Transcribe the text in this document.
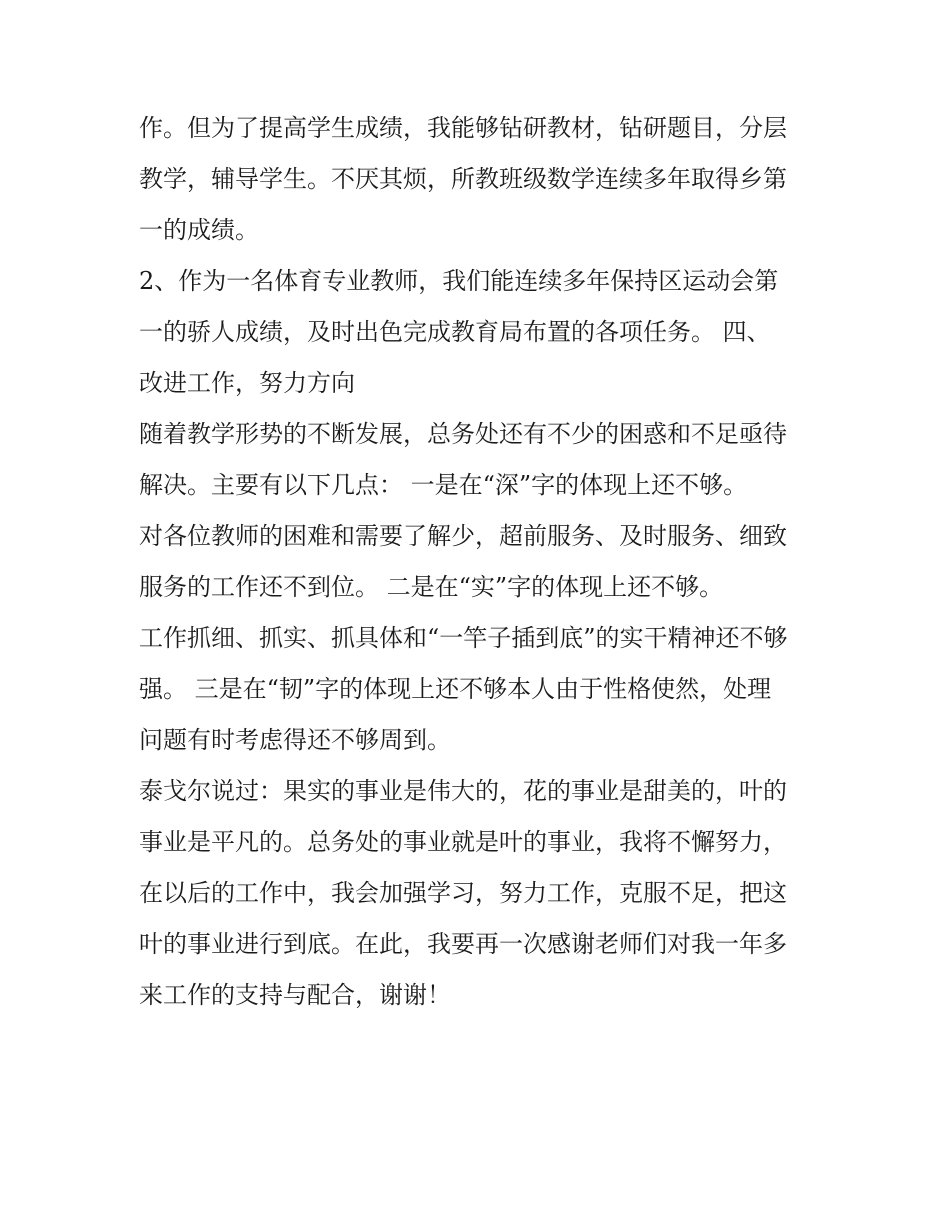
作。但为了提高学生成绩，我能够钻研教材，钻研题目，分层
教学，辅导学生。不厌其烦，所教班级数学连续多年取得乡第
一的成绩。
2、作为一名体育专业教师，我们能连续多年保持区运动会第
一的骄人成绩，及时出色完成教育局布置的各项任务。 四、
改进工作，努力方向
随着教学形势的不断发展，总务处还有不少的困惑和不足亟待
解决。主要有以下几点： 一是在“深”字的体现上还不够。
对各位教师的困难和需要了解少，超前服务、及时服务、细致
服务的工作还不到位。 二是在“实”字的体现上还不够。
工作抓细、抓实、抓具体和“一竿子插到底”的实干精神还不够
强。 三是在“韧”字的体现上还不够本人由于性格使然，处理
问题有时考虑得还不够周到。
泰戈尔说过：果实的事业是伟大的，花的事业是甜美的，叶的
事业是平凡的。总务处的事业就是叶的事业，我将不懈努力，
在以后的工作中，我会加强学习，努力工作，克服不足，把这
叶的事业进行到底。在此，我要再一次感谢老师们对我一年多
来工作的支持与配合，谢谢！
